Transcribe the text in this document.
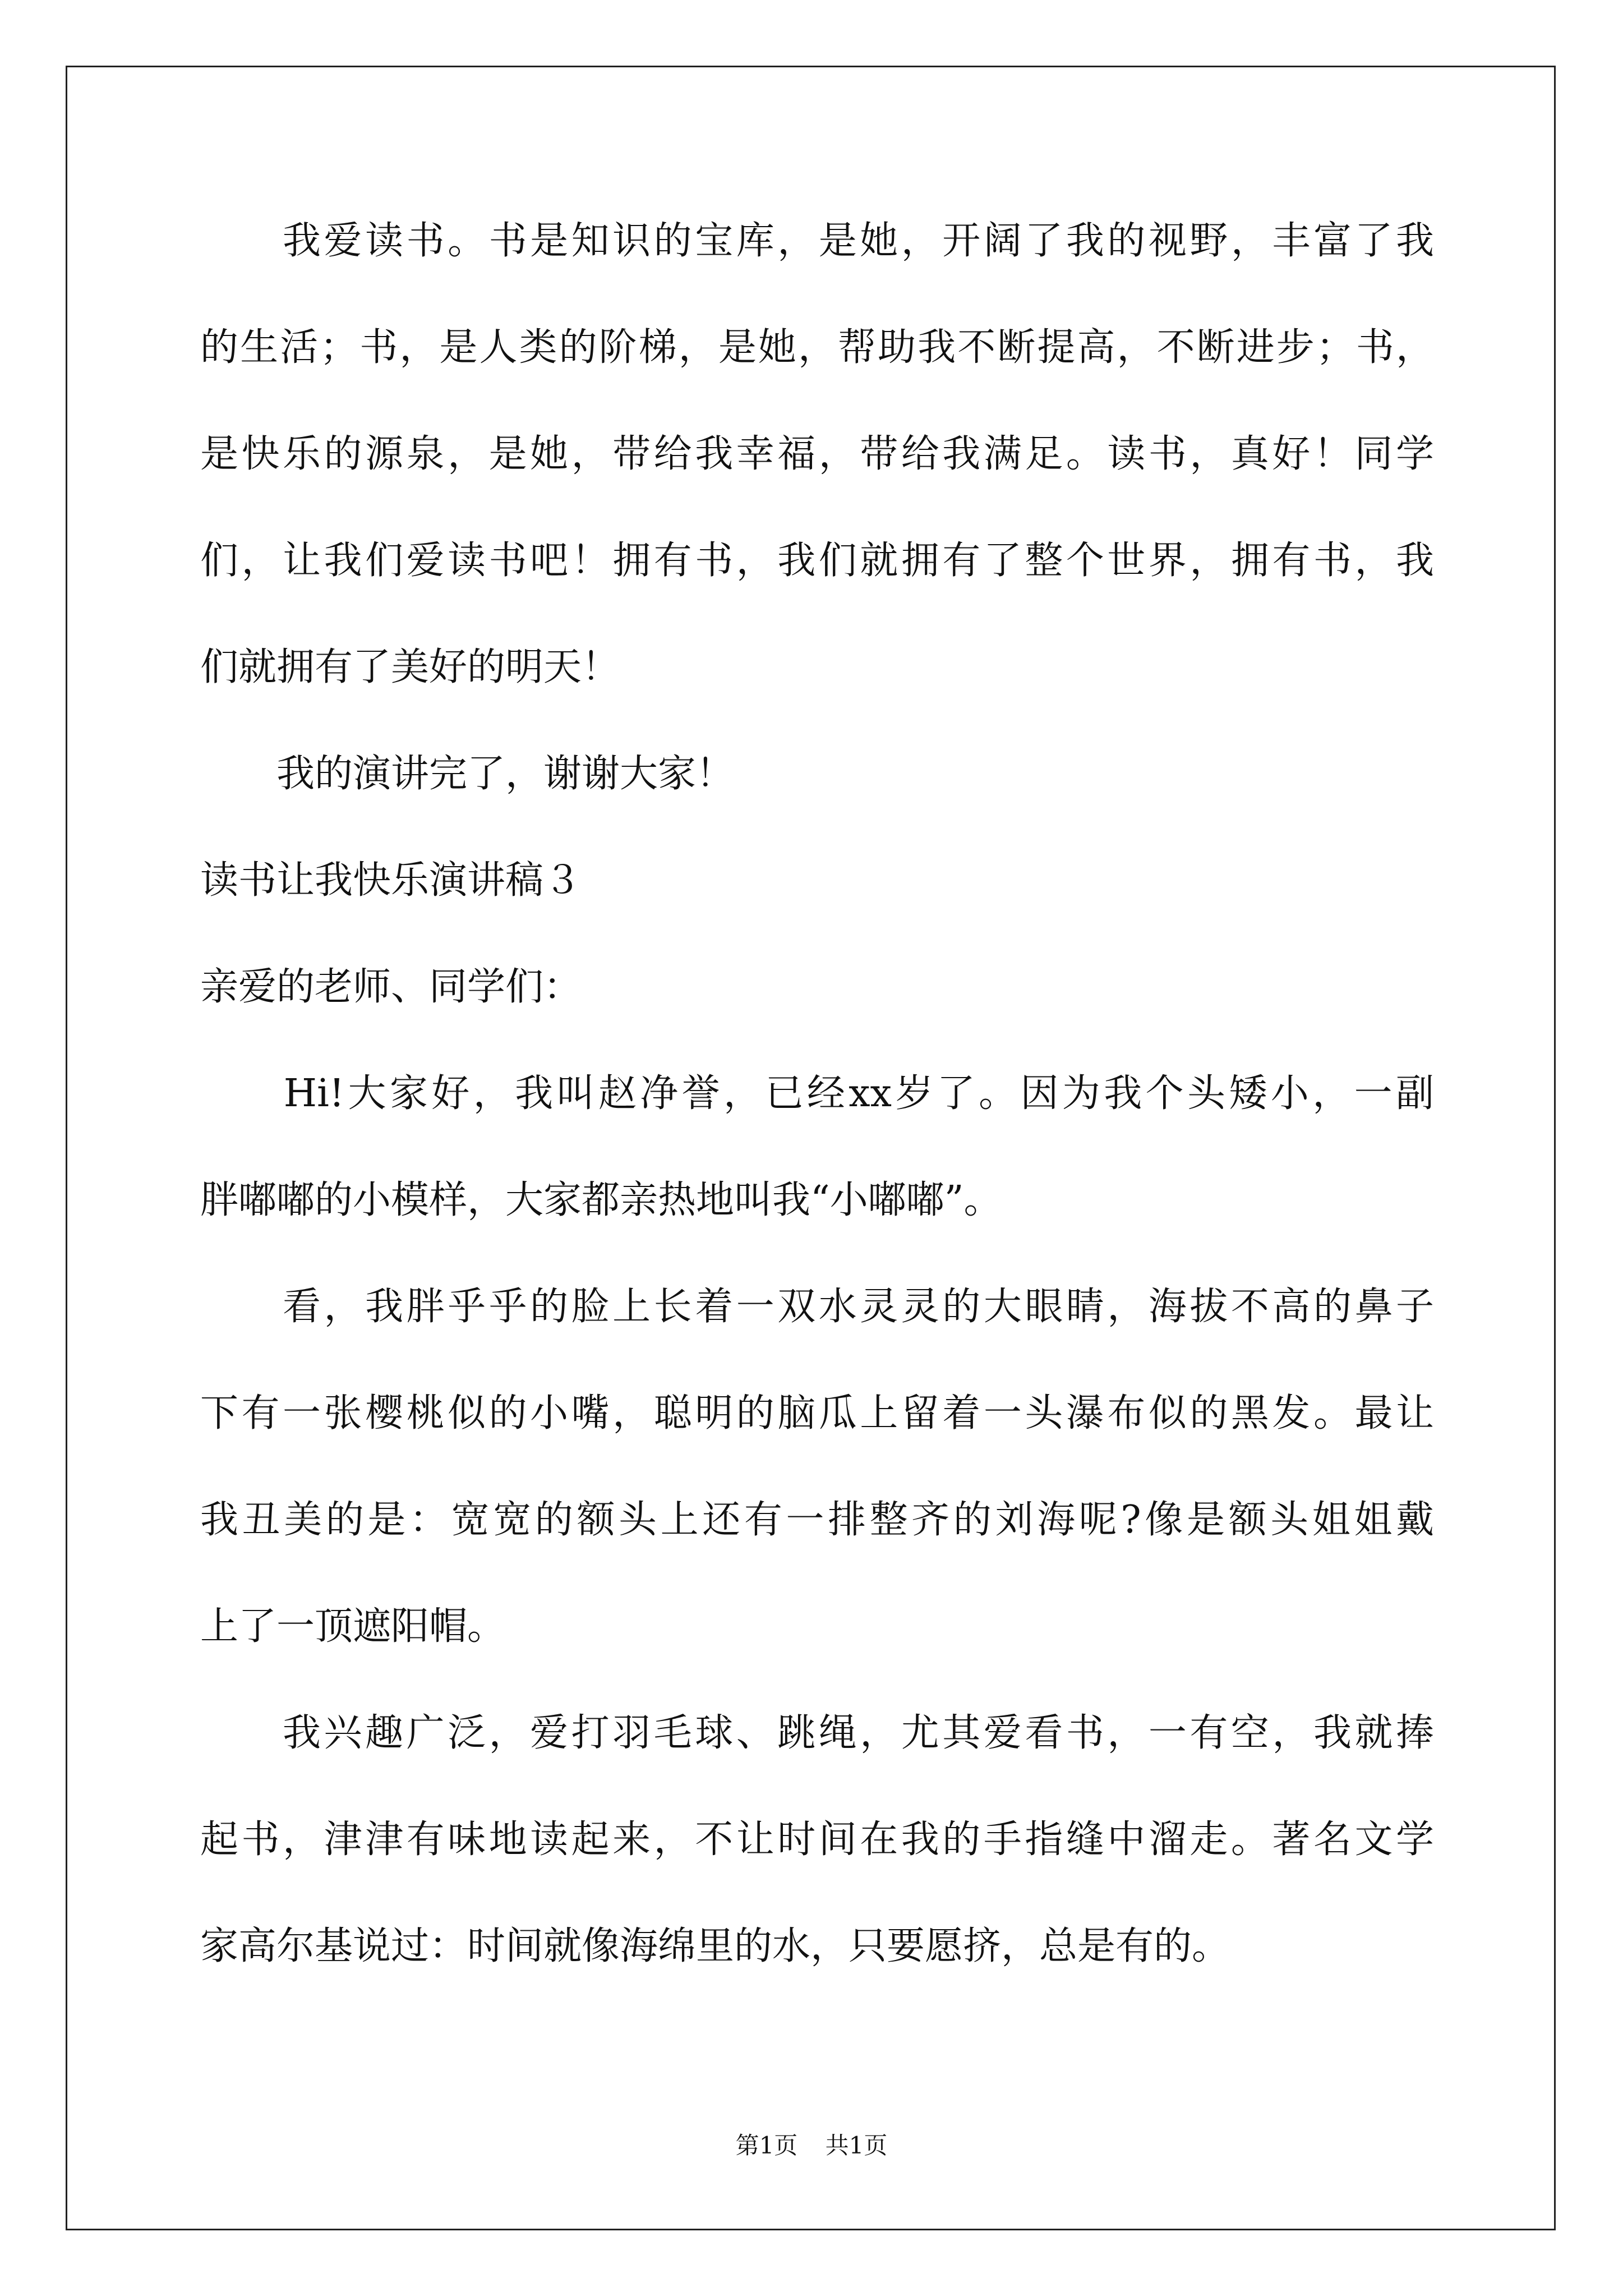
　　我爱读书。书是知识的宝库，是她，开阔了我的视野，丰富了我
的生活；书，是人类的阶梯，是她，帮助我不断提高，不断进步；书，
是快乐的源泉，是她，带给我幸福，带给我满足。读书，真好！同学
们，让我们爱读书吧！拥有书，我们就拥有了整个世界，拥有书，我
们就拥有了美好的明天！
　　我的演讲完了，谢谢大家！
读书让我快乐演讲稿３
亲爱的老师、同学们：
　　Hi!大家好，我叫赵净誉，已经xx岁了。因为我个头矮小，一副
胖嘟嘟的小模样，大家都亲热地叫我“小嘟嘟”。
　　看，我胖乎乎的脸上长着一双水灵灵的大眼睛，海拔不高的鼻子
下有一张樱桃似的小嘴，聪明的脑瓜上留着一头瀑布似的黑发。最让
我丑美的是：宽宽的额头上还有一排整齐的刘海呢?像是额头姐姐戴
上了一顶遮阳帽。
　　我兴趣广泛，爱打羽毛球、跳绳，尤其爱看书，一有空，我就捧
起书，津津有味地读起来，不让时间在我的手指缝中溜走。著名文学
家高尔基说过：时间就像海绵里的水，只要愿挤，总是有的。
第1页 共1页
